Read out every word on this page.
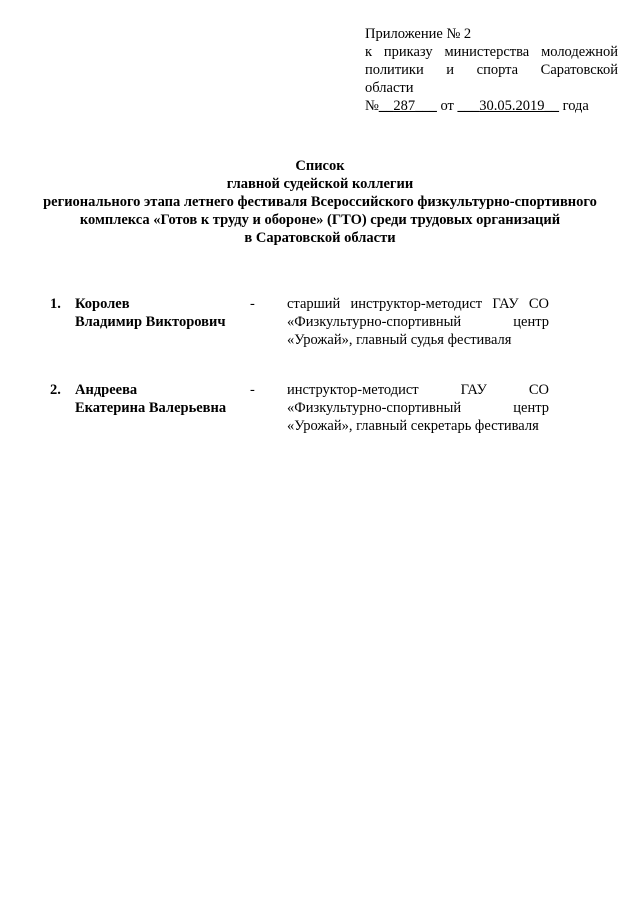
Приложение № 2
к приказу министерства молодежной
политики и спорта Саратовской
области
№__287___ от ___30.05.2019__ года
Список
главной судейской коллегии
регионального этапа летнего фестиваля Всероссийского физкультурно-спортивного
комплекса «Готов к труду и обороне» (ГТО) среди трудовых организаций
в Саратовской области
1. Королев
Владимир Викторович
- старший инструктор-методист ГАУ СО
«Физкультурно-спортивный центр
«Урожай», главный судья фестиваля
2. Андреева
Екатерина Валерьевна
- инструктор-методист ГАУ СО
«Физкультурно-спортивный центр
«Урожай», главный секретарь фестиваля
